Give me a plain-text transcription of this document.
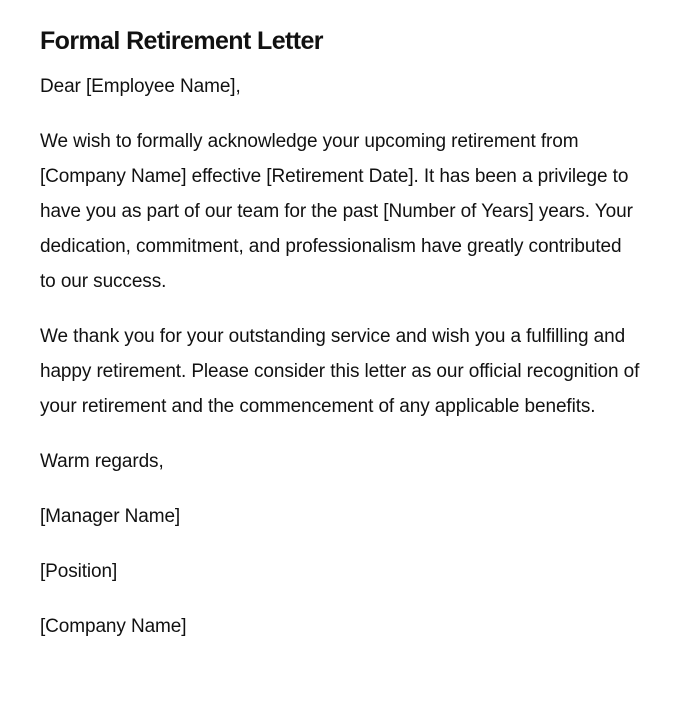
Formal Retirement Letter

Dear [Employee Name],

We wish to formally acknowledge your upcoming retirement from [Company Name] effective [Retirement Date]. It has been a privilege to have you as part of our team for the past [Number of Years] years. Your dedication, commitment, and professionalism have greatly contributed to our success.

We thank you for your outstanding service and wish you a fulfilling and happy retirement. Please consider this letter as our official recognition of your retirement and the commencement of any applicable benefits.

Warm regards,

[Manager Name]

[Position]

[Company Name]
